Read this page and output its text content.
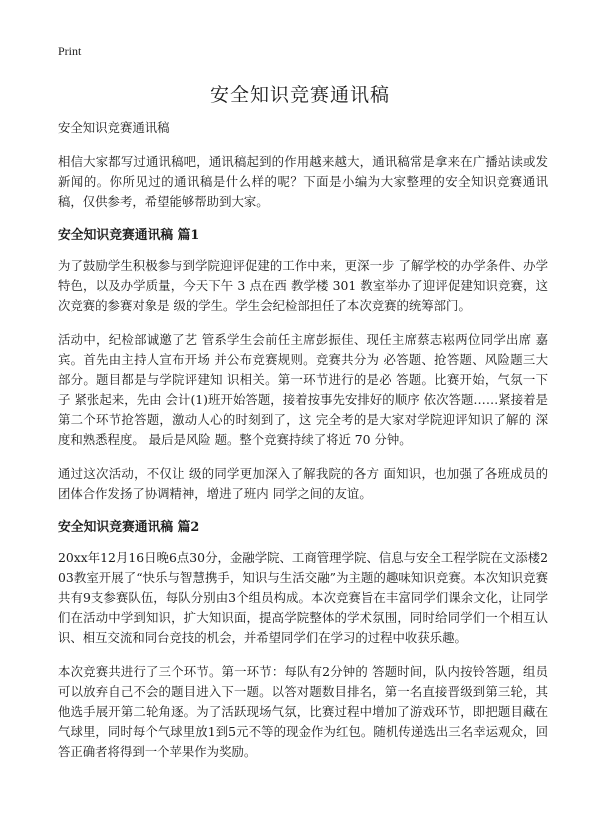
Print
安全知识竞赛通讯稿

安全知识竞赛通讯稿

相信大家都写过通讯稿吧，通讯稿起到的作用越来越大，通讯稿常是拿来在广播站读或发新闻的。你所见过的通讯稿是什么样的呢？下面是小编为大家整理的安全知识竞赛通讯稿，仅供参考，希望能够帮助到大家。

安全知识竞赛通讯稿 篇1

为了鼓励学生积极参与到学院迎评促建的工作中来，更深一步 了解学校的办学条件、办学特色，以及办学质量，今天下午 3 点在西 教学楼 301 教室举办了迎评促建知识竞赛，这次竞赛的参赛对象是 级的学生。学生会纪检部担任了本次竞赛的统筹部门。

活动中，纪检部诚邀了艺 管系学生会前任主席彭振佳、现任主席蔡志崧两位同学出席 嘉宾。首先由主持人宣布开场 并公布竞赛规则。竞赛共分为 必答题、抢答题、风险题三大 部分。题目都是与学院评建知 识相关。第一环节进行的是必 答题。比赛开始，气氛一下子 紧张起来，先由 会计(1)班开始答题，接着按事先安排好的顺序 依次答题……紧接着是第二个环节抢答题，激动人心的时刻到了，这 完全考的是大家对学院迎评知识了解的 深度和熟悉程度。 最后是风险 题。整个竞赛持续了将近 70 分钟。

通过这次活动，不仅让 级的同学更加深入了解我院的各方 面知识，也加强了各班成员的团体合作发扬了协调精神，增进了班内 同学之间的友谊。

安全知识竞赛通讯稿 篇2

20xx年12月16日晚6点30分，金融学院、工商管理学院、信息与安全工程学院在文添楼203教室开展了“快乐与智慧携手，知识与生活交融”为主题的趣味知识竞赛。本次知识竞赛共有9支参赛队伍，每队分别由3个组员构成。本次竞赛旨在丰富同学们课余文化，让同学们在活动中学到知识，扩大知识面，提高学院整体的学术氛围，同时给同学们一个相互认识、相互交流和同台竞技的机会，并希望同学们在学习的过程中收获乐趣。

本次竞赛共进行了三个环节。第一环节：每队有2分钟的 答题时间，队内按铃答题，组员可以放弃自己不会的题目进入下一题。以答对题数目排名，第一名直接晋级到第三轮，其他选手展开第二轮角逐。为了活跃现场气氛，比赛过程中增加了游戏环节，即把题目藏在气球里，同时每个气球里放1到5元不等的现金作为红包。随机传递选出三名幸运观众，回答正确者将得到一个苹果作为奖励。
